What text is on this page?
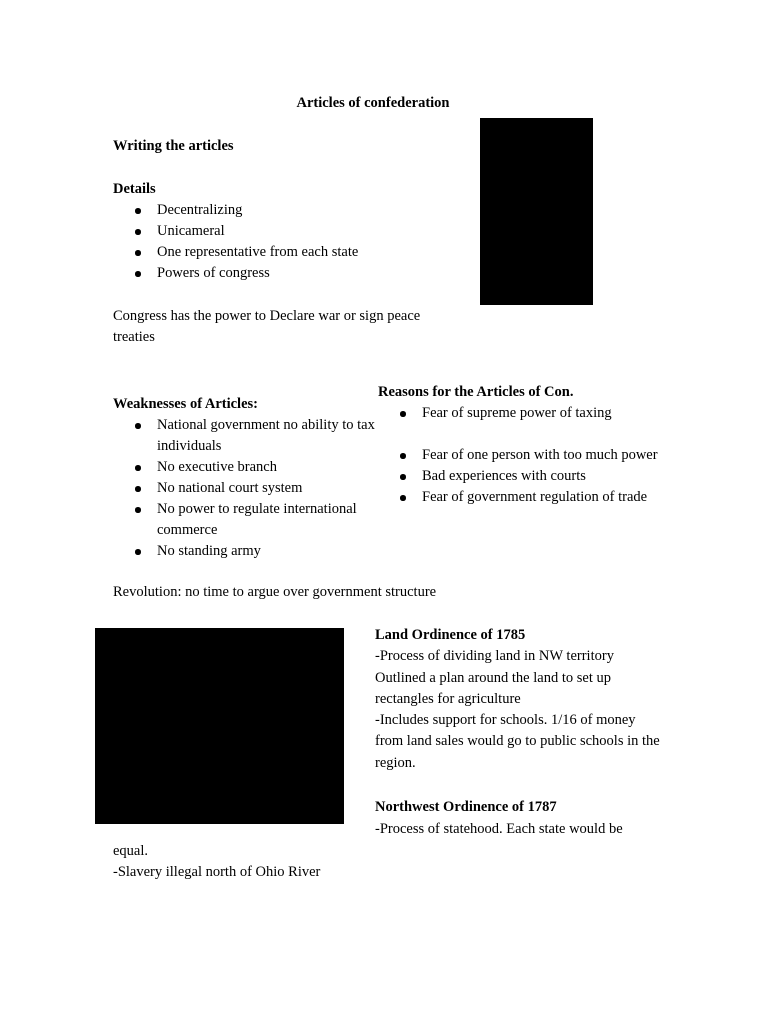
Articles of confederation
Writing the articles
Details
Decentralizing
Unicameral
One representative from each state
Powers of congress

Congress has the power to Declare war or sign peace treaties

Weaknesses of Articles:
National government no ability to tax individuals
No executive branch
No national court system
No power to regulate international commerce
No standing army
Reasons for the Articles of Con.
Fear of supreme power of taxing
Fear of one person with too much power
Bad experiences with courts
Fear of government regulation of trade

Revolution: no time to argue over government structure

Land Ordinence of 1785
-Process of dividing land in NW territory
Outlined a plan around the land to set up rectangles for agriculture
-Includes support for schools. 1/16 of money from land sales would go to public schools in the region.
Northwest Ordinence of 1787
-Process of statehood. Each state would be
equal.
-Slavery illegal north of Ohio River
